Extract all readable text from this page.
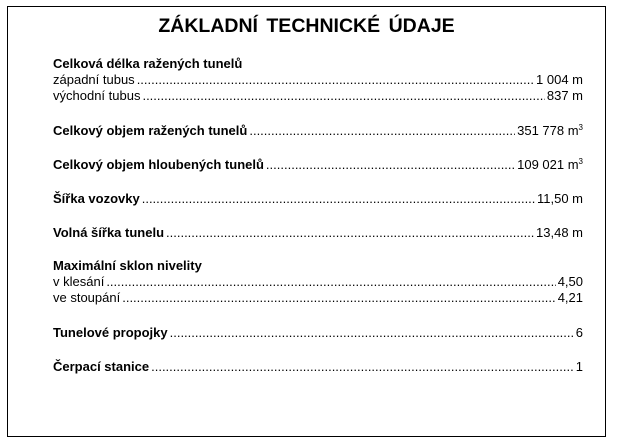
ZÁKLADNÍ TECHNICKÉ ÚDAJE
Celková délka ražených tunelů
západní tubus .....	1 004 m
východní tubus .....	837 m
Celkový objem ražených tunelů .....	351 778 $m^3$
Celkový objem hloubených tunelů .....	109 021 $m^3$
Šířka vozovky .....	11,50 m
Volná šířka tunelu .....	13,48 m
Maximální sklon nivelity
v klesání .....	4,50
ve stoupání .....	4,21
Tunelové propojky .....	6
Čerpací stanice .....	1
